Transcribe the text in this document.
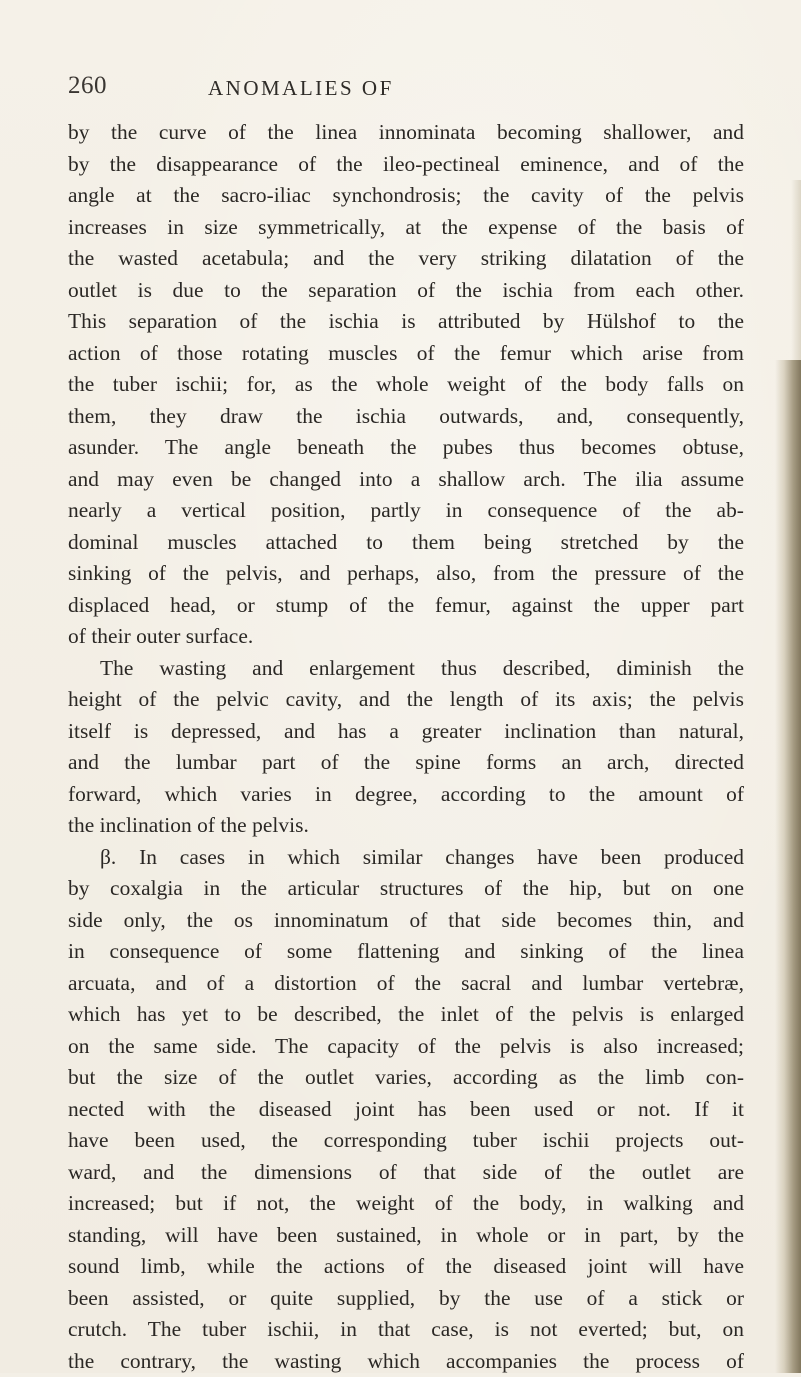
260	ANOMALIES OF
by the curve of the linea innominata becoming shallower, and
by the disappearance of the ileo-pectineal eminence, and of the
angle at the sacro-iliac synchondrosis; the cavity of the pelvis
increases in size symmetrically, at the expense of the basis of
the wasted acetabula; and the very striking dilatation of the
outlet is due to the separation of the ischia from each other.
This separation of the ischia is attributed by Hülshof to the
action of those rotating muscles of the femur which arise from
the tuber ischii; for, as the whole weight of the body falls on
them, they draw the ischia outwards, and, consequently,
asunder. The angle beneath the pubes thus becomes obtuse,
and may even be changed into a shallow arch. The ilia assume
nearly a vertical position, partly in consequence of the ab-
dominal muscles attached to them being stretched by the
sinking of the pelvis, and perhaps, also, from the pressure of the
displaced head, or stump of the femur, against the upper part
of their outer surface.
The wasting and enlargement thus described, diminish the
height of the pelvic cavity, and the length of its axis; the pelvis
itself is depressed, and has a greater inclination than natural,
and the lumbar part of the spine forms an arch, directed
forward, which varies in degree, according to the amount of
the inclination of the pelvis.
β. In cases in which similar changes have been produced
by coxalgia in the articular structures of the hip, but on one
side only, the os innominatum of that side becomes thin, and
in consequence of some flattening and sinking of the linea
arcuata, and of a distortion of the sacral and lumbar vertebræ,
which has yet to be described, the inlet of the pelvis is enlarged
on the same side. The capacity of the pelvis is also increased;
but the size of the outlet varies, according as the limb con-
nected with the diseased joint has been used or not. If it
have been used, the corresponding tuber ischii projects out-
ward, and the dimensions of that side of the outlet are
increased; but if not, the weight of the body, in walking and
standing, will have been sustained, in whole or in part, by the
sound limb, while the actions of the diseased joint will have
been assisted, or quite supplied, by the use of a stick or
crutch. The tuber ischii, in that case, is not everted; but, on
the contrary, the wasting which accompanies the process of
